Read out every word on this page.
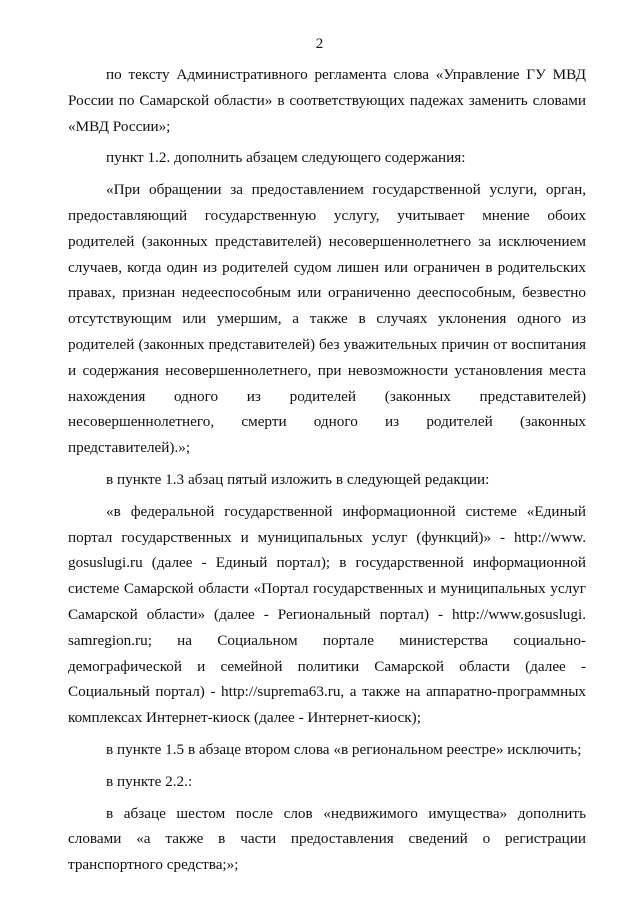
2

по тексту Административного регламента слова «Управление ГУ МВД России по Самарской области» в соответствующих падежах заменить словами «МВД России»;

пункт 1.2. дополнить абзацем следующего содержания:

«При обращении за предоставлением государственной услуги, орган, предоставляющий государственную услугу, учитывает мнение обоих родителей (законных представителей) несовершеннолетнего за исключением случаев, когда один из родителей судом лишен или ограничен в родительских правах, признан недееспособным или ограниченно дееспособным, безвестно отсутствующим или умершим, а также в случаях уклонения одного из родителей (законных представителей) без уважительных причин от воспитания и содержания несовершеннолетнего, при невозможности установления места нахождения одного из родителей (законных представителей) несовершеннолетнего, смерти одного из родителей (законных представителей).»;

в пункте 1.3 абзац пятый изложить в следующей редакции:

«в федеральной государственной информационной системе «Единый портал государственных и муниципальных услуг (функций)» - http://www. gosuslugi.ru (далее - Единый портал); в государственной информационной системе Самарской области «Портал государственных и муниципальных услуг Самарской области» (далее - Региональный портал) - http://www.gosuslugi. samregion.ru; на Социальном портале министерства социально-демографической и семейной политики Самарской области (далее - Социальный портал) - http://suprema63.ru, а также на аппаратно-программных комплексах Интернет-киоск (далее - Интернет-киоск);

в пункте 1.5 в абзаце втором слова «в региональном реестре» исключить;

в пункте 2.2.:

в абзаце шестом после слов «недвижимого имущества» дополнить словами «а также в части предоставления сведений о регистрации транспортного средства;»;
